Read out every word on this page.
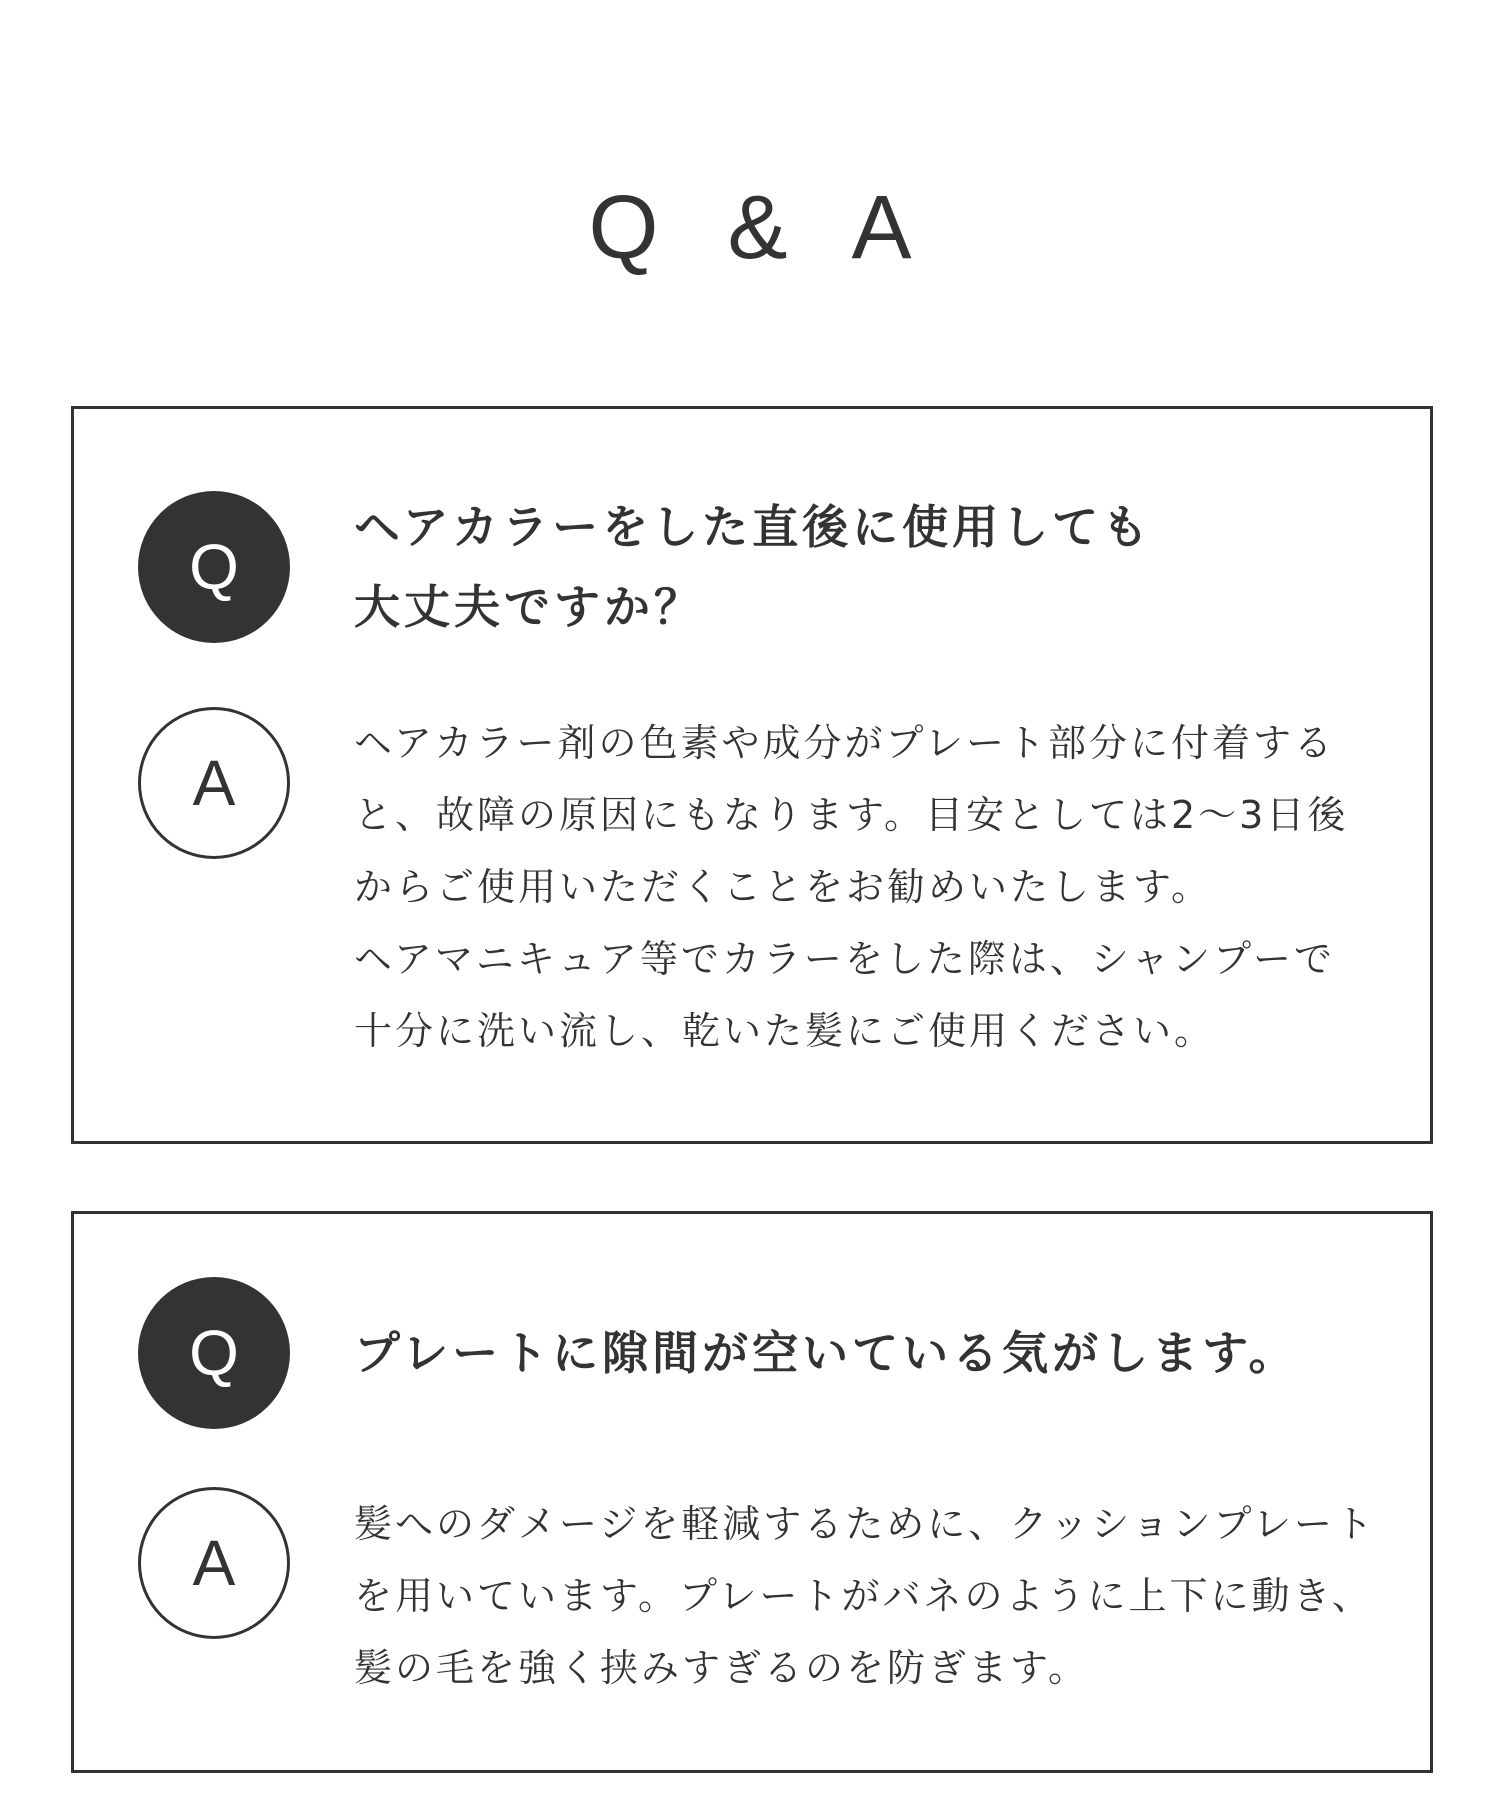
Q & A
Q
ヘアカラーをした直後に使用しても
大丈夫ですか？
A
ヘアカラー剤の色素や成分がプレート部分に付着する
と、故障の原因にもなります。目安としては2〜3日後
からご使用いただくことをお勧めいたします。
ヘアマニキュア等でカラーをした際は、シャンプーで
十分に洗い流し、乾いた髪にご使用ください。
Q	プレートに隙間が空いている気がします。
A
髪へのダメージを軽減するために、クッションプレート
を用いています。プレートがバネのように上下に動き、
髪の毛を強く挟みすぎるのを防ぎます。
